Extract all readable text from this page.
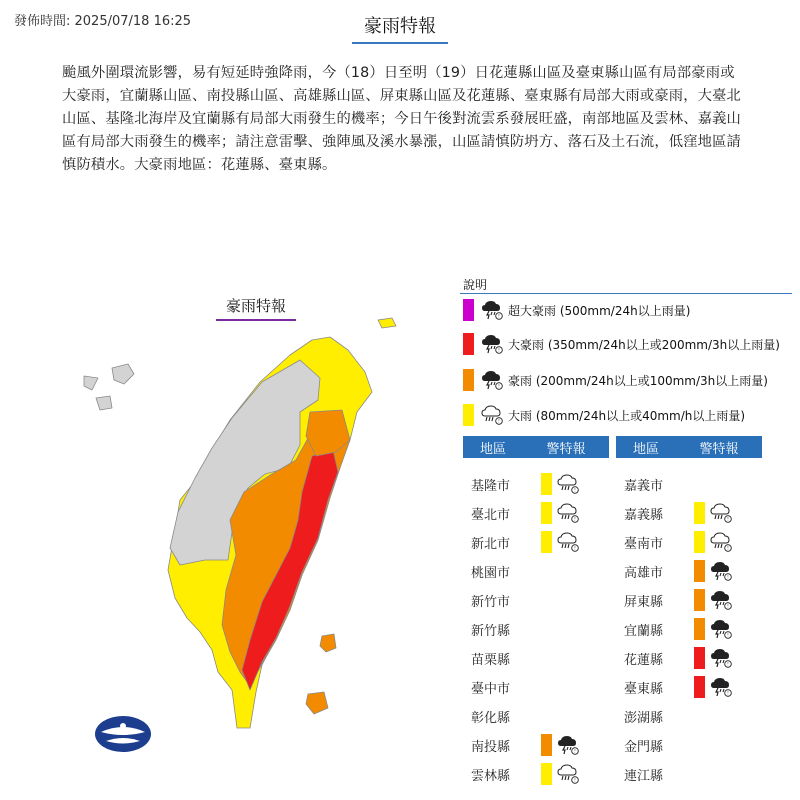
發佈時間: 2025/07/18 16:25	豪雨特報
颱風外圍環流影響，易有短延時強降雨，今（18）日至明（19）日花蓮縣山區及臺東縣山區有局部豪雨或大豪雨，宜蘭縣山區、南投縣山區、高雄縣山區、屏東縣山區及花蓮縣、臺東縣有局部大雨或豪雨，大臺北山區、基隆北海岸及宜蘭縣有局部大雨發生的機率；今日午後對流雲系發展旺盛，南部地區及雲林、嘉義山區有局部大雨發生的機率；請注意雷擊、強陣風及溪水暴漲，山區請慎防坍方、落石及土石流，低窪地區請慎防積水。大豪雨地區：花蓮縣、臺東縣。
豪雨特報
說明
! 超大豪雨 (500mm/24h以上雨量)
! 大豪雨 (350mm/24h以上或200mm/3h以上雨量)
! 豪雨 (200mm/24h以上或100mm/3h以上雨量)
! 大雨 (80mm/24h以上或40mm/h以上雨量)
地區	警特報	地區	警特報
基隆市	!
臺北市	!
新北市	!
桃園市
新竹市
新竹縣
苗栗縣
臺中市
彰化縣
南投縣	!
雲林縣	!
嘉義市
嘉義縣	!
臺南市	!
高雄市	!
屏東縣	!
宜蘭縣	!
花蓮縣	!
臺東縣	!
澎湖縣
金門縣
連江縣
